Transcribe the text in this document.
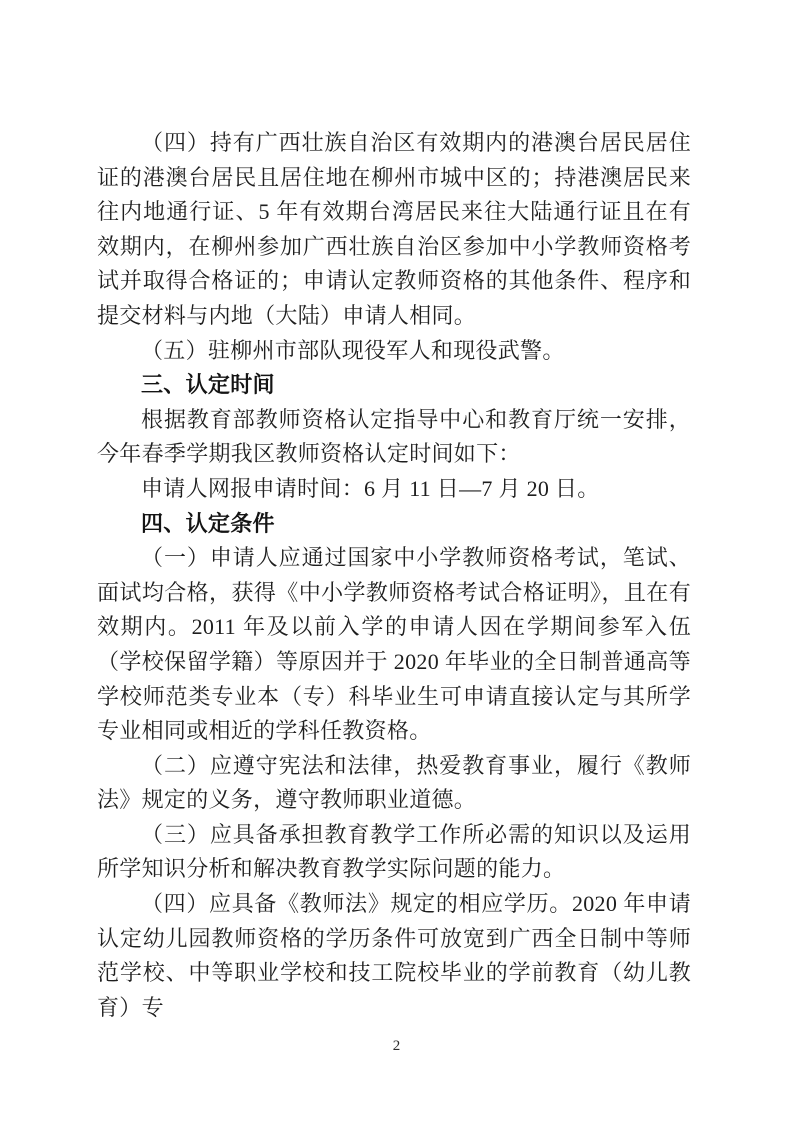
（四）持有广西壮族自治区有效期内的港澳台居民居住证的港澳台居民且居住地在柳州市城中区的；持港澳居民来往内地通行证、5 年有效期台湾居民来往大陆通行证且在有效期内，在柳州参加广西壮族自治区参加中小学教师资格考试并取得合格证的；申请认定教师资格的其他条件、程序和提交材料与内地（大陆）申请人相同。

（五）驻柳州市部队现役军人和现役武警。

三、认定时间

根据教育部教师资格认定指导中心和教育厅统一安排，今年春季学期我区教师资格认定时间如下：

申请人网报申请时间：6 月 11 日—7 月 20 日。

四、认定条件

（一）申请人应通过国家中小学教师资格考试，笔试、面试均合格，获得《中小学教师资格考试合格证明》，且在有效期内。2011 年及以前入学的申请人因在学期间参军入伍（学校保留学籍）等原因并于 2020 年毕业的全日制普通高等学校师范类专业本（专）科毕业生可申请直接认定与其所学专业相同或相近的学科任教资格。

（二）应遵守宪法和法律，热爱教育事业，履行《教师法》规定的义务，遵守教师职业道德。

（三）应具备承担教育教学工作所必需的知识以及运用所学知识分析和解决教育教学实际问题的能力。

（四）应具备《教师法》规定的相应学历。2020 年申请认定幼儿园教师资格的学历条件可放宽到广西全日制中等师范学校、中等职业学校和技工院校毕业的学前教育（幼儿教育）专

2
